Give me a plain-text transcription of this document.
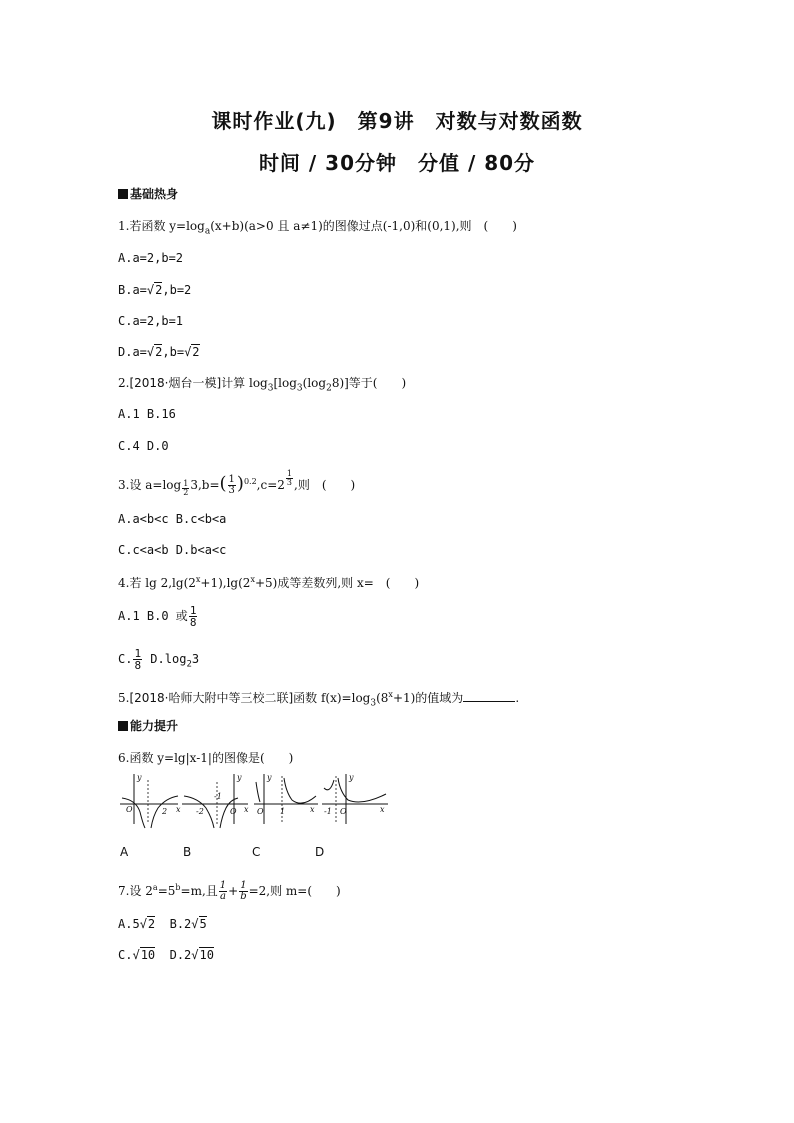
课时作业(九)　第9讲　对数与对数函数
时间 / 30分钟　分值 / 80分
基础热身
1.若函数 $y=\log_a(x+b)(a>0$ 且 a≠1)的图像过点(-1,0)和(0,1),则　(　　)
A.a=2,b=2
B.a=√2,b=2
C.a=2,b=1
D.a=√2,b=√2
2.[2018·烟台一模]计算 $\log_3[\log_3(\log_28)]$等于(　　)
A.1 B.16
C.4 D.0
3.设 $a=\log \frac{1}{2} 3,b=( \frac{1}{3} )^{0.2},c=2 \frac{1}{3}$ ,则　(　　)
A.a<b<c B.c<b<a
C.c<a<b D.b<a<c
4.若 $\lg 2,\lg(2^x+1),\lg(2^x+5)$成等差数列,则 x=　(　　)
A.1 B.0 或 $\frac{1}{8}$
C. $\frac{1}{8} D.\log_23$
5.[2018·哈师大附中等三校二联]函数 $f(x)=\log_3(8^x+1)$的值域为	.
能力提升
6.函数 y=lg|x-1|的图像是(　　)
y
O	2 x
y
-2
-1
O x
y
O 1	x
y
-1 O	x
A	B	C	D
7.设 $2^a=5^b=m$,且 $\frac{1}{a} + \frac{1}{b} =2$,则 m=(　　)
A.5√2 B.2√5
C.√10 D.2√10
